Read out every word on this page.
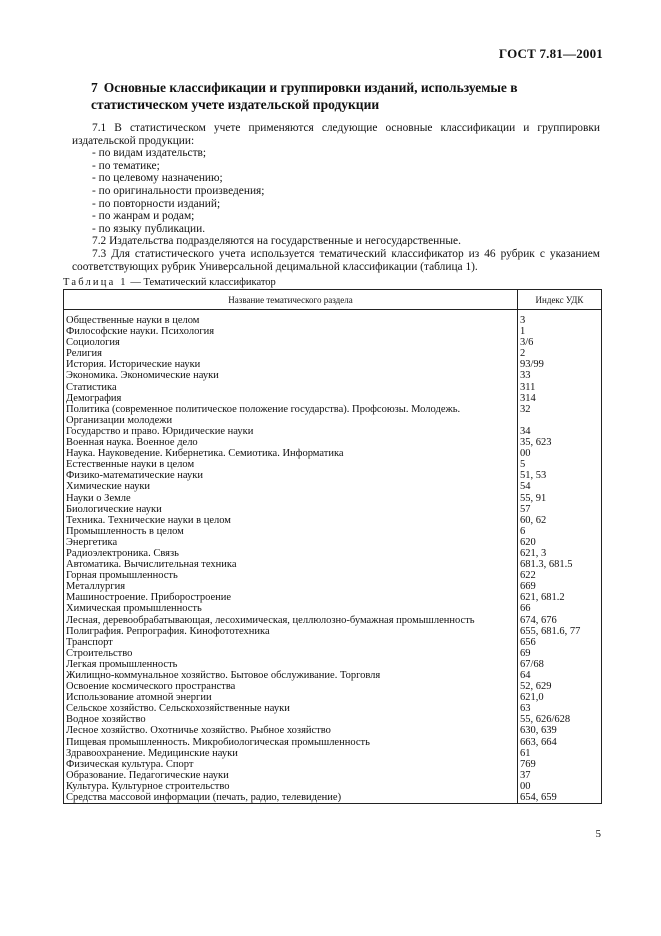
ГОСТ 7.81—2001
7 Основные классификации и группировки изданий, используемые в статистическом учете издательской продукции

7.1 В статистическом учете применяются следующие основные классификации и группировки издательской продукции:

- по видам издательств;
- по тематике;
- по целевому назначению;
- по оригинальности произведения;
- по повторности изданий;
- по жанрам и родам;
- по языку публикации.

7.2 Издательства подразделяются на государственные и негосударственные.

7.3 Для статистического учета используется тематический классификатор из 46 рубрик с указанием соответствующих рубрик Универсальной децимальной классификации (таблица 1).

Таблица 1 — Тематический классификатор
Название тематического раздела	Индекс УДК

Общественные науки в целом	3
Философские науки. Психология	1
Социология	3/6
Религия	2
История. Исторические науки	93/99
Экономика. Экономические науки	33
Статистика	311
Демография	314
Политика (современное политическое положение государства). Профсоюзы. Молодежь. Организации молодежи	32
Государство и право. Юридические науки	34
Военная наука. Военное дело	35, 623
Наука. Науковедение. Кибернетика. Семиотика. Информатика	00
Естественные науки в целом	5
Физико-математические науки	51, 53
Химические науки	54
Науки о Земле	55, 91
Биологические науки	57
Техника. Технические науки в целом	60, 62
Промышленность в целом	6
Энергетика	620
Радиоэлектроника. Связь	621, 3
Автоматика. Вычислительная техника	681.3, 681.5
Горная промышленность	622
Металлургия	669
Машиностроение. Приборостроение	621, 681.2
Химическая промышленность	66
Лесная, деревообрабатывающая, лесохимическая, целлюлозно-бумажная промышленность	674, 676
Полиграфия. Репрография. Кинофототехника	655, 681.6, 77
Транспорт	656
Строительство	69
Легкая промышленность	67/68
Жилищно-коммунальное хозяйство. Бытовое обслуживание. Торговля	64
Освоение космического пространства	52, 629
Использование атомной энергии	621,0
Сельское хозяйство. Сельскохозяйственные науки	63
Водное хозяйство	55, 626/628
Лесное хозяйство. Охотничье хозяйство. Рыбное хозяйство	630, 639
Пищевая промышленность. Микробиологическая промышленность	663, 664
Здравоохранение. Медицинские науки	61
Физическая культура. Спорт	769
Образование. Педагогические науки	37
Культура. Культурное строительство	00
Средства массовой информации (печать, радио, телевидение)	654, 659
5
